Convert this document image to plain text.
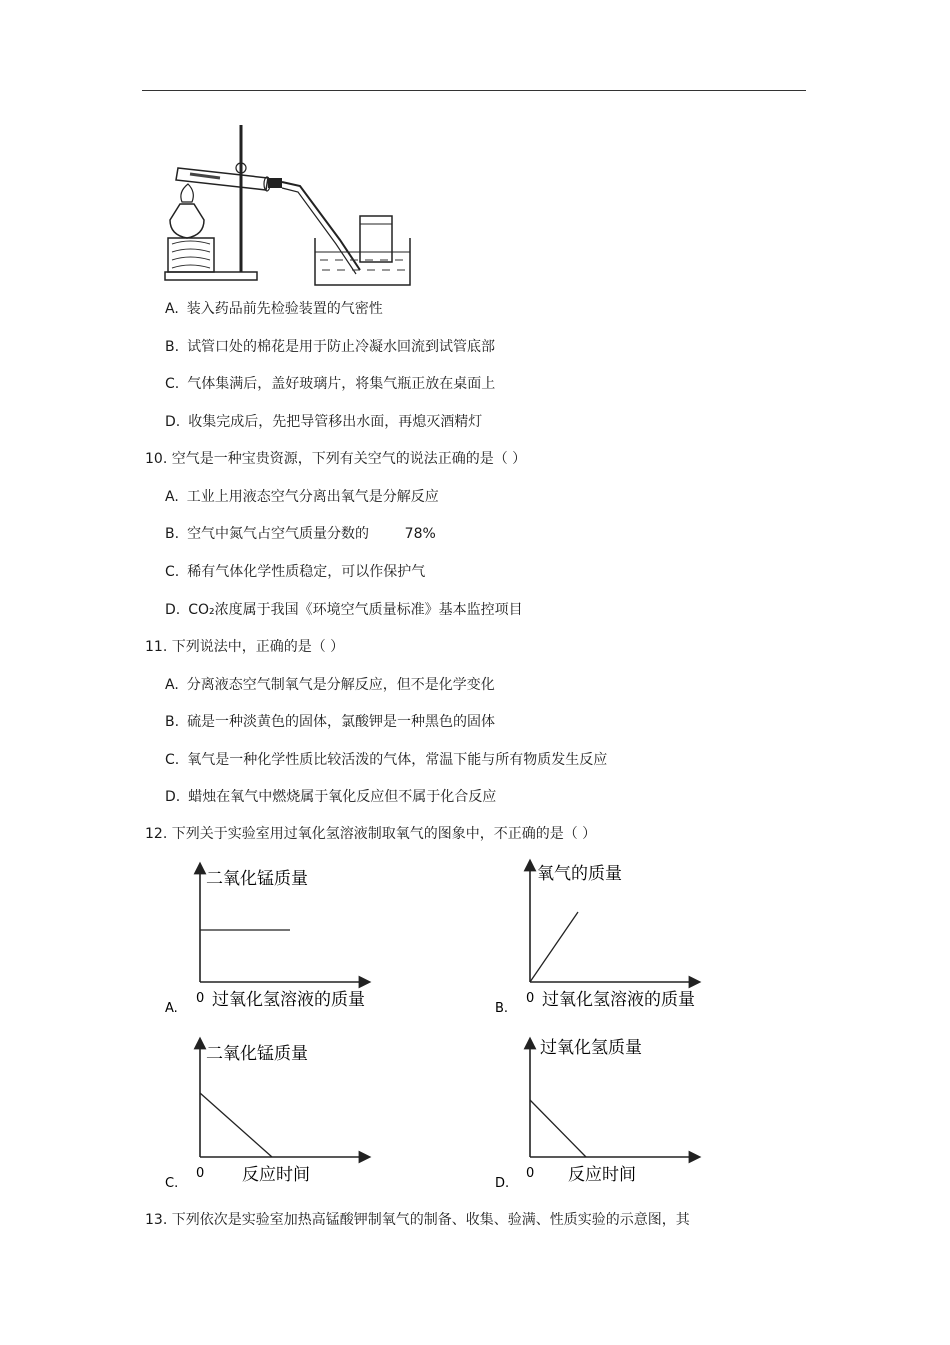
A. 装入药品前先检验装置的气密性
B. 试管口处的棉花是用于防止冷凝水回流到试管底部
C. 气体集满后，盖好玻璃片，将集气瓶正放在桌面上
D. 收集完成后，先把导管移出水面，再熄灭酒精灯
10. 空气是一种宝贵资源，下列有关空气的说法正确的是（ ）
A. 工业上用液态空气分离出氧气是分解反应
B. 空气中氮气占空气质量分数的        78%
C. 稀有气体化学性质稳定，可以作保护气
D. CO₂浓度属于我国《环境空气质量标准》基本监控项目
11. 下列说法中，正确的是（ ）
A. 分离液态空气制氧气是分解反应，但不是化学变化
B. 硫是一种淡黄色的固体，氯酸钾是一种黑色的固体
C. 氧气是一种化学性质比较活泼的气体，常温下能与所有物质发生反应
D. 蜡烛在氧气中燃烧属于氧化反应但不属于化合反应
12. 下列关于实验室用过氧化氢溶液制取氧气的图象中，不正确的是（ ）
二氧化锰质量
0 过氧化氢溶液的质量
A.
氧气的质量
0 过氧化氢溶液的质量
B.
二氧化锰质量
0 反应时间
C.
过氧化氢质量
0 反应时间
D.
13. 下列依次是实验室加热高锰酸钾制氧气的制备、收集、验满、性质实验的示意图，其
